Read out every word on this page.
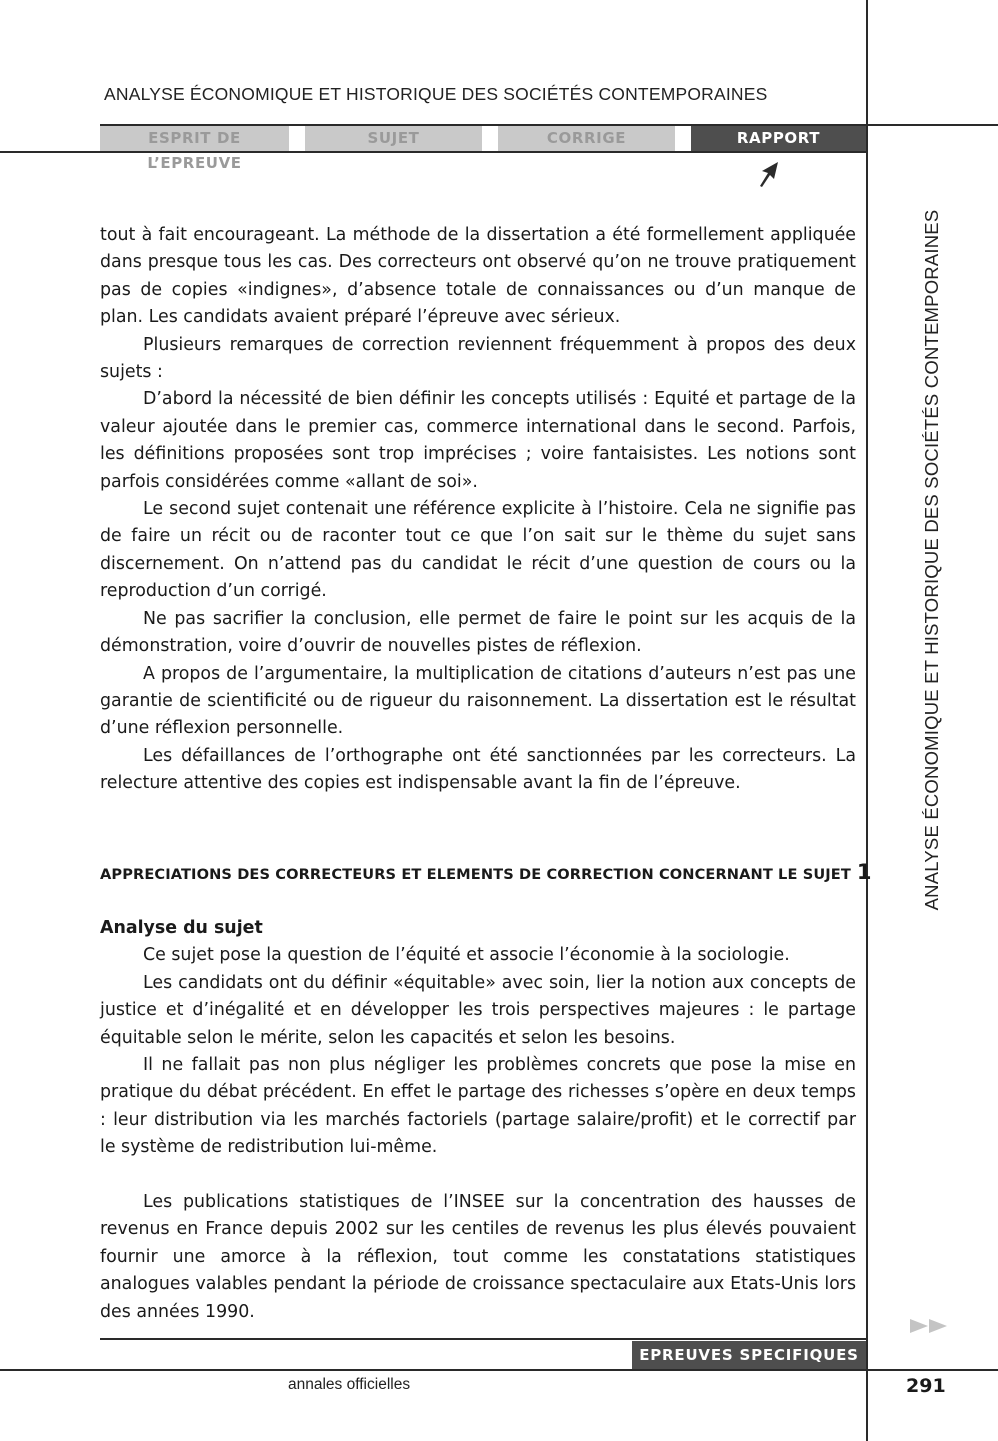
ANALYSE ÉCONOMIQUE ET HISTORIQUE DES SOCIÉTÉS CONTEMPORAINES
ESPRIT DE L’EPREUVE
SUJET	CORRIGE	RAPPORT
ANALYSE ÉCONOMIQUE ET HISTORIQUE DES SOCIÉTÉS CONTEMPORAINES

tout à fait encourageant. La méthode de la dissertation a été formellement appliquée dans presque tous les cas. Des correcteurs ont observé qu’on ne trouve pratiquement pas de copies «indignes», d’absence totale de connaissances ou d’un manque de plan. Les candidats avaient préparé l’épreuve avec sérieux.

Plusieurs remarques de correction reviennent fréquemment à propos des deux sujets :

D’abord la nécessité de bien définir les concepts utilisés : Equité et partage de la valeur ajoutée dans le premier cas, commerce international dans le second. Parfois, les définitions proposées sont trop imprécises ; voire fantaisistes. Les notions sont parfois considérées comme «allant de soi».

Le second sujet contenait une référence explicite à l’histoire. Cela ne signifie pas de faire un récit ou de raconter tout ce que l’on sait sur le thème du sujet sans discernement. On n’attend pas du candidat le récit d’une question de cours ou la reproduction d’un corrigé.

Ne pas sacrifier la conclusion, elle permet de faire le point sur les acquis de la démonstration, voire d’ouvrir de nouvelles pistes de réflexion.

A propos de l’argumentaire, la multiplication de citations d’auteurs n’est pas une garantie de scientificité ou de rigueur du raisonnement. La dissertation est le résultat d’une réflexion personnelle.

Les défaillances de l’orthographe ont été sanctionnées par les correcteurs. La relecture attentive des copies est indispensable avant la fin de l’épreuve.

APPRECIATIONS DES CORRECTEURS ET ELEMENTS DE CORRECTION CONCERNANT LE SUJET 1

Analyse du sujet

Ce sujet pose la question de l’équité et associe l’économie à la sociologie.

Les candidats ont du définir «équitable» avec soin, lier la notion aux concepts de justice et d’inégalité et en développer les trois perspectives majeures : le partage équitable selon le mérite, selon les capacités et selon les besoins.

Il ne fallait pas non plus négliger les problèmes concrets que pose la mise en pratique du débat précédent. En effet le partage des richesses s’opère en deux temps : leur distribution via les marchés factoriels (partage salaire/profit) et le correctif par le système de redistribution lui-même.

Les publications statistiques de l’INSEE sur la concentration des hausses de revenus en France depuis 2002 sur les centiles de revenus les plus élevés pouvaient fournir une amorce à la réflexion, tout comme les constatations statistiques analogues valables pendant la période de croissance spectaculaire aux Etats-Unis lors des années 1990.

EPREUVES SPECIFIQUES
annales officielles	291
